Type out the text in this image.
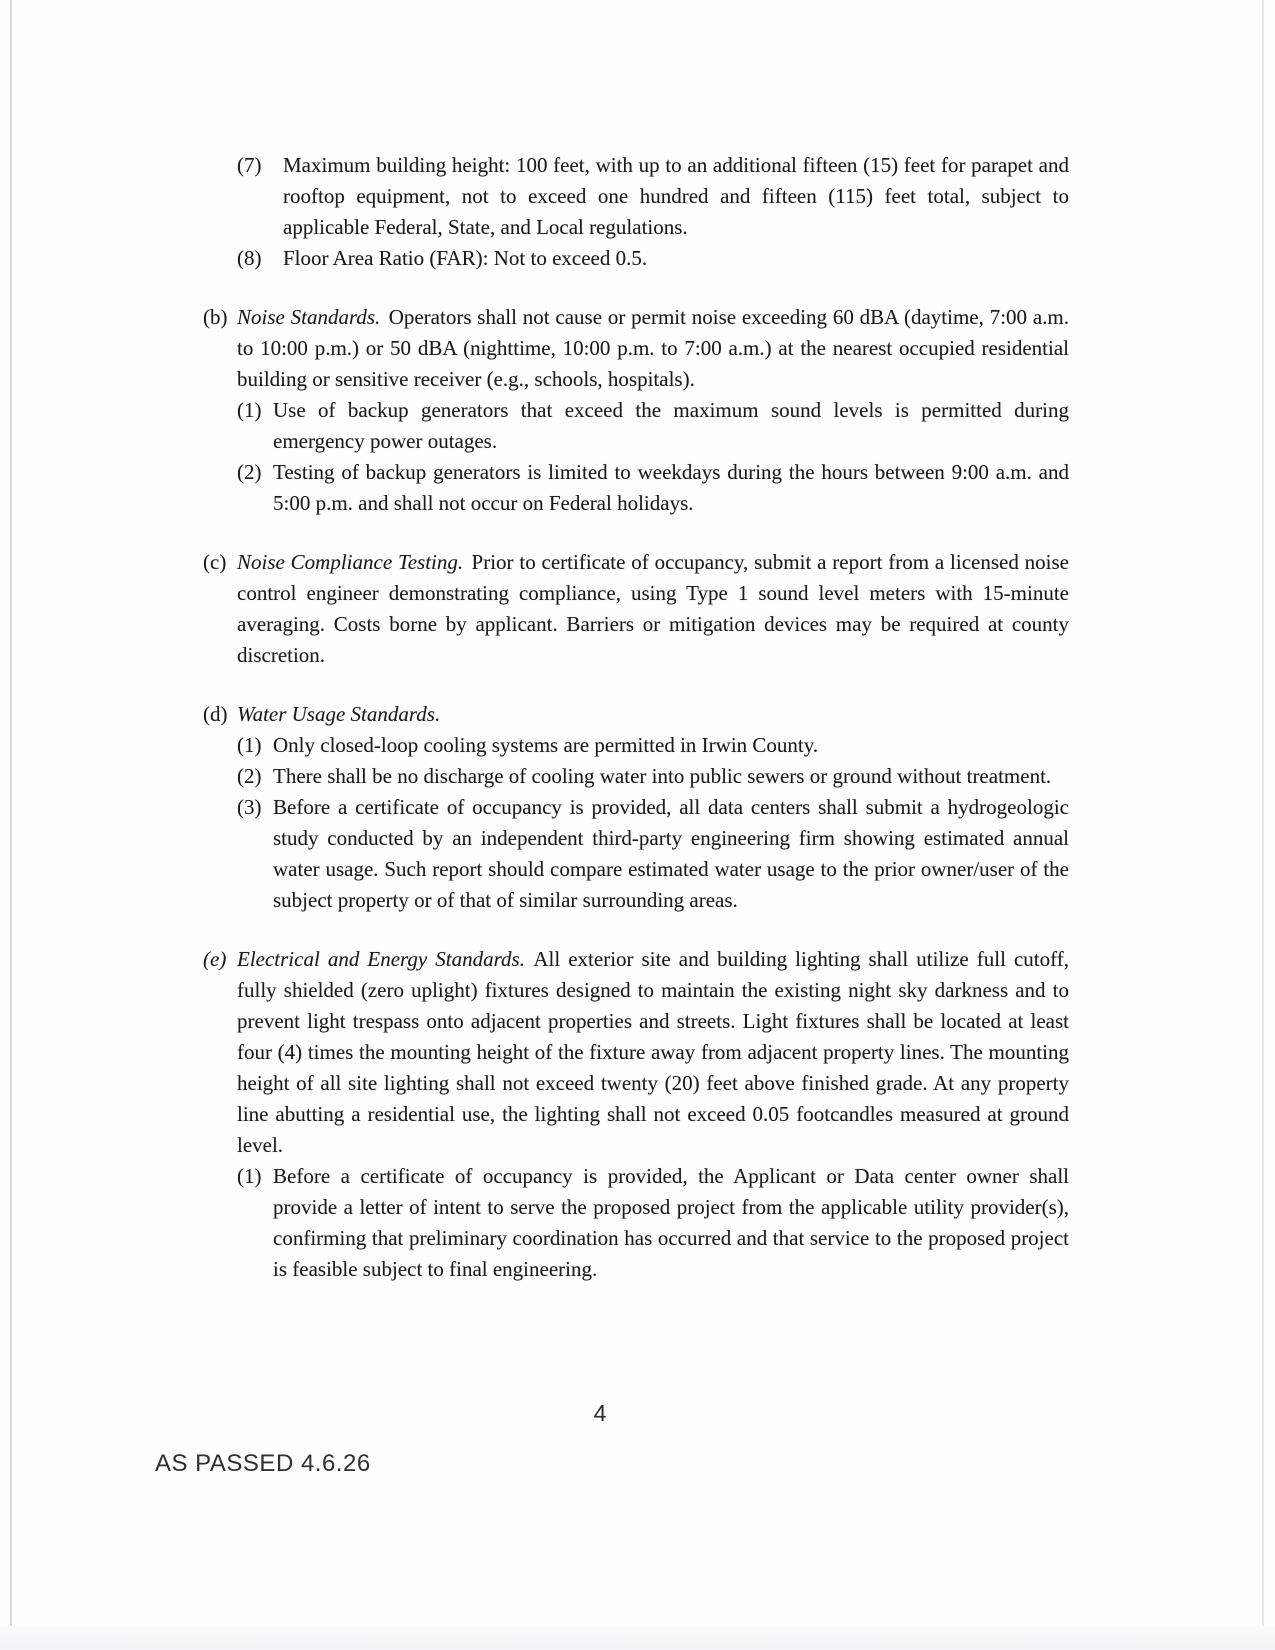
(7)	Maximum building height: 100 feet, with up to an additional fifteen (15) feet for parapet and rooftop equipment, not to exceed one hundred and fifteen (115) feet total, subject to applicable Federal, State, and Local regulations.
(8)	Floor Area Ratio (FAR): Not to exceed 0.5.
(b) Noise Standards. Operators shall not cause or permit noise exceeding 60 dBA (daytime, 7:00 a.m. to 10:00 p.m.) or 50 dBA (nighttime, 10:00 p.m. to 7:00 a.m.) at the nearest occupied residential building or sensitive receiver (e.g., schools, hospitals).
(1) Use of backup generators that exceed the maximum sound levels is permitted during emergency power outages.
(2) Testing of backup generators is limited to weekdays during the hours between 9:00 a.m. and 5:00 p.m. and shall not occur on Federal holidays.
(c) Noise Compliance Testing. Prior to certificate of occupancy, submit a report from a licensed noise control engineer demonstrating compliance, using Type 1 sound level meters with 15-minute averaging. Costs borne by applicant. Barriers or mitigation devices may be required at county discretion.
(d) Water Usage Standards.
(1) Only closed-loop cooling systems are permitted in Irwin County.
(2) There shall be no discharge of cooling water into public sewers or ground without treatment.
(3) Before a certificate of occupancy is provided, all data centers shall submit a hydrogeologic study conducted by an independent third-party engineering firm showing estimated annual water usage. Such report should compare estimated water usage to the prior owner/user of the subject property or of that of similar surrounding areas.
(e) Electrical and Energy Standards. All exterior site and building lighting shall utilize full cutoff, fully shielded (zero uplight) fixtures designed to maintain the existing night sky darkness and to prevent light trespass onto adjacent properties and streets. Light fixtures shall be located at least four (4) times the mounting height of the fixture away from adjacent property lines. The mounting height of all site lighting shall not exceed twenty (20) feet above finished grade. At any property line abutting a residential use, the lighting shall not exceed 0.05 footcandles measured at ground level.
(1) Before a certificate of occupancy is provided, the Applicant or Data center owner shall provide a letter of intent to serve the proposed project from the applicable utility provider(s), confirming that preliminary coordination has occurred and that service to the proposed project is feasible subject to final engineering.
4
AS PASSED 4.6.26
